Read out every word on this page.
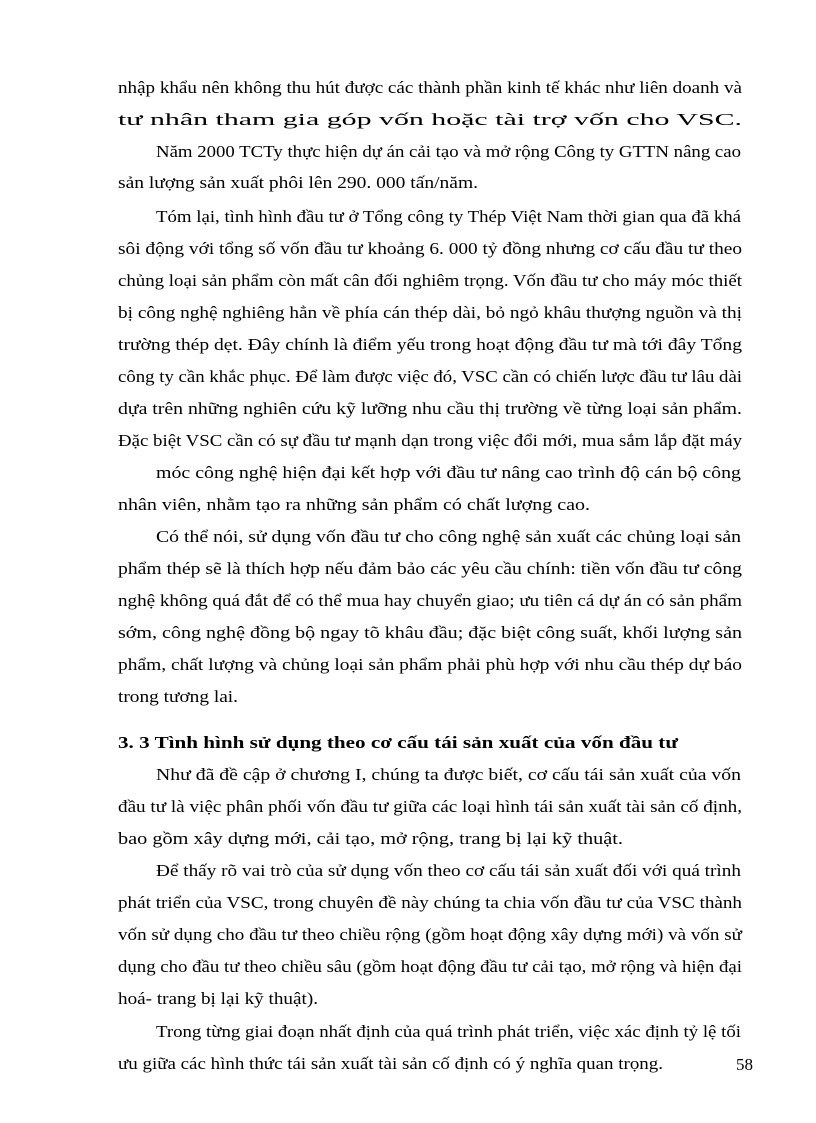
nhập khẩu nên không thu hút được các thành phần kinh tế khác như liên doanh và
tư nhân tham gia góp vốn hoặc tài trợ vốn cho VSC.
Năm 2000 TCTy thực hiện dự án cải tạo và mở rộng Công ty GTTN nâng cao
sản lượng sản xuất phôi lên 290. 000 tấn/năm.
Tóm lại, tình hình đầu tư ở Tổng công ty Thép Việt Nam thời gian qua đã khá
sôi động với tổng số vốn đầu tư khoảng 6. 000 tỷ đồng nhưng cơ cấu đầu tư theo
chủng loại sản phẩm còn mất cân đối nghiêm trọng. Vốn đầu tư cho máy móc thiết
bị công nghệ nghiêng hẳn về phía cán thép dài, bỏ ngỏ khâu thượng nguồn và thị
trường thép dẹt. Đây chính là điểm yếu trong hoạt động đầu tư mà tới đây Tổng
công ty cần khắc phục. Để làm được việc đó, VSC cần có chiến lược đầu tư lâu dài
dựa trên những nghiên cứu kỹ lưỡng nhu cầu thị trường về từng loại sản phẩm.
Đặc biệt VSC cần có sự đầu tư mạnh dạn trong việc đổi mới, mua sắm lắp đặt máy
móc công nghệ hiện đại kết hợp với đầu tư nâng cao trình độ cán bộ công
nhân viên, nhằm tạo ra những sản phẩm có chất lượng cao.
Có thể nói, sử dụng vốn đầu tư cho công nghệ sản xuất các chủng loại sản
phẩm thép sẽ là thích hợp nếu đảm bảo các yêu cầu chính: tiền vốn đầu tư công
nghệ không quá đắt để có thể mua hay chuyển giao; ưu tiên cá dự án có sản phẩm
sớm, công nghệ đồng bộ ngay tõ khâu đầu; đặc biệt công suất, khối lượng sản
phẩm, chất lượng và chủng loại sản phẩm phải phù hợp với nhu cầu thép dự báo
trong tương lai.
3. 3 Tình hình sử dụng theo cơ cấu tái sản xuất của vốn đầu tư
Như đã đề cập ở chương I, chúng ta được biết, cơ cấu tái sản xuất của vốn
đầu tư là việc phân phối vốn đầu tư giữa các loại hình tái sản xuất tài sản cố định,
bao gồm xây dựng mới, cải tạo, mở rộng, trang bị lại kỹ thuật.
Để thấy rõ vai trò của sử dụng vốn theo cơ cấu tái sản xuất đối với quá trình
phát triển của VSC, trong chuyên đề này chúng ta chia vốn đầu tư của VSC thành
vốn sử dụng cho đầu tư theo chiều rộng (gồm hoạt động xây dựng mới) và vốn sử
dụng cho đầu tư theo chiều sâu (gồm hoạt động đầu tư cải tạo, mở rộng và hiện đại
hoá- trang bị lại kỹ thuật).
Trong từng giai đoạn nhất định của quá trình phát triển, việc xác định tỷ lệ tối
ưu giữa các hình thức tái sản xuất tài sản cố định có ý nghĩa quan trọng.	58
